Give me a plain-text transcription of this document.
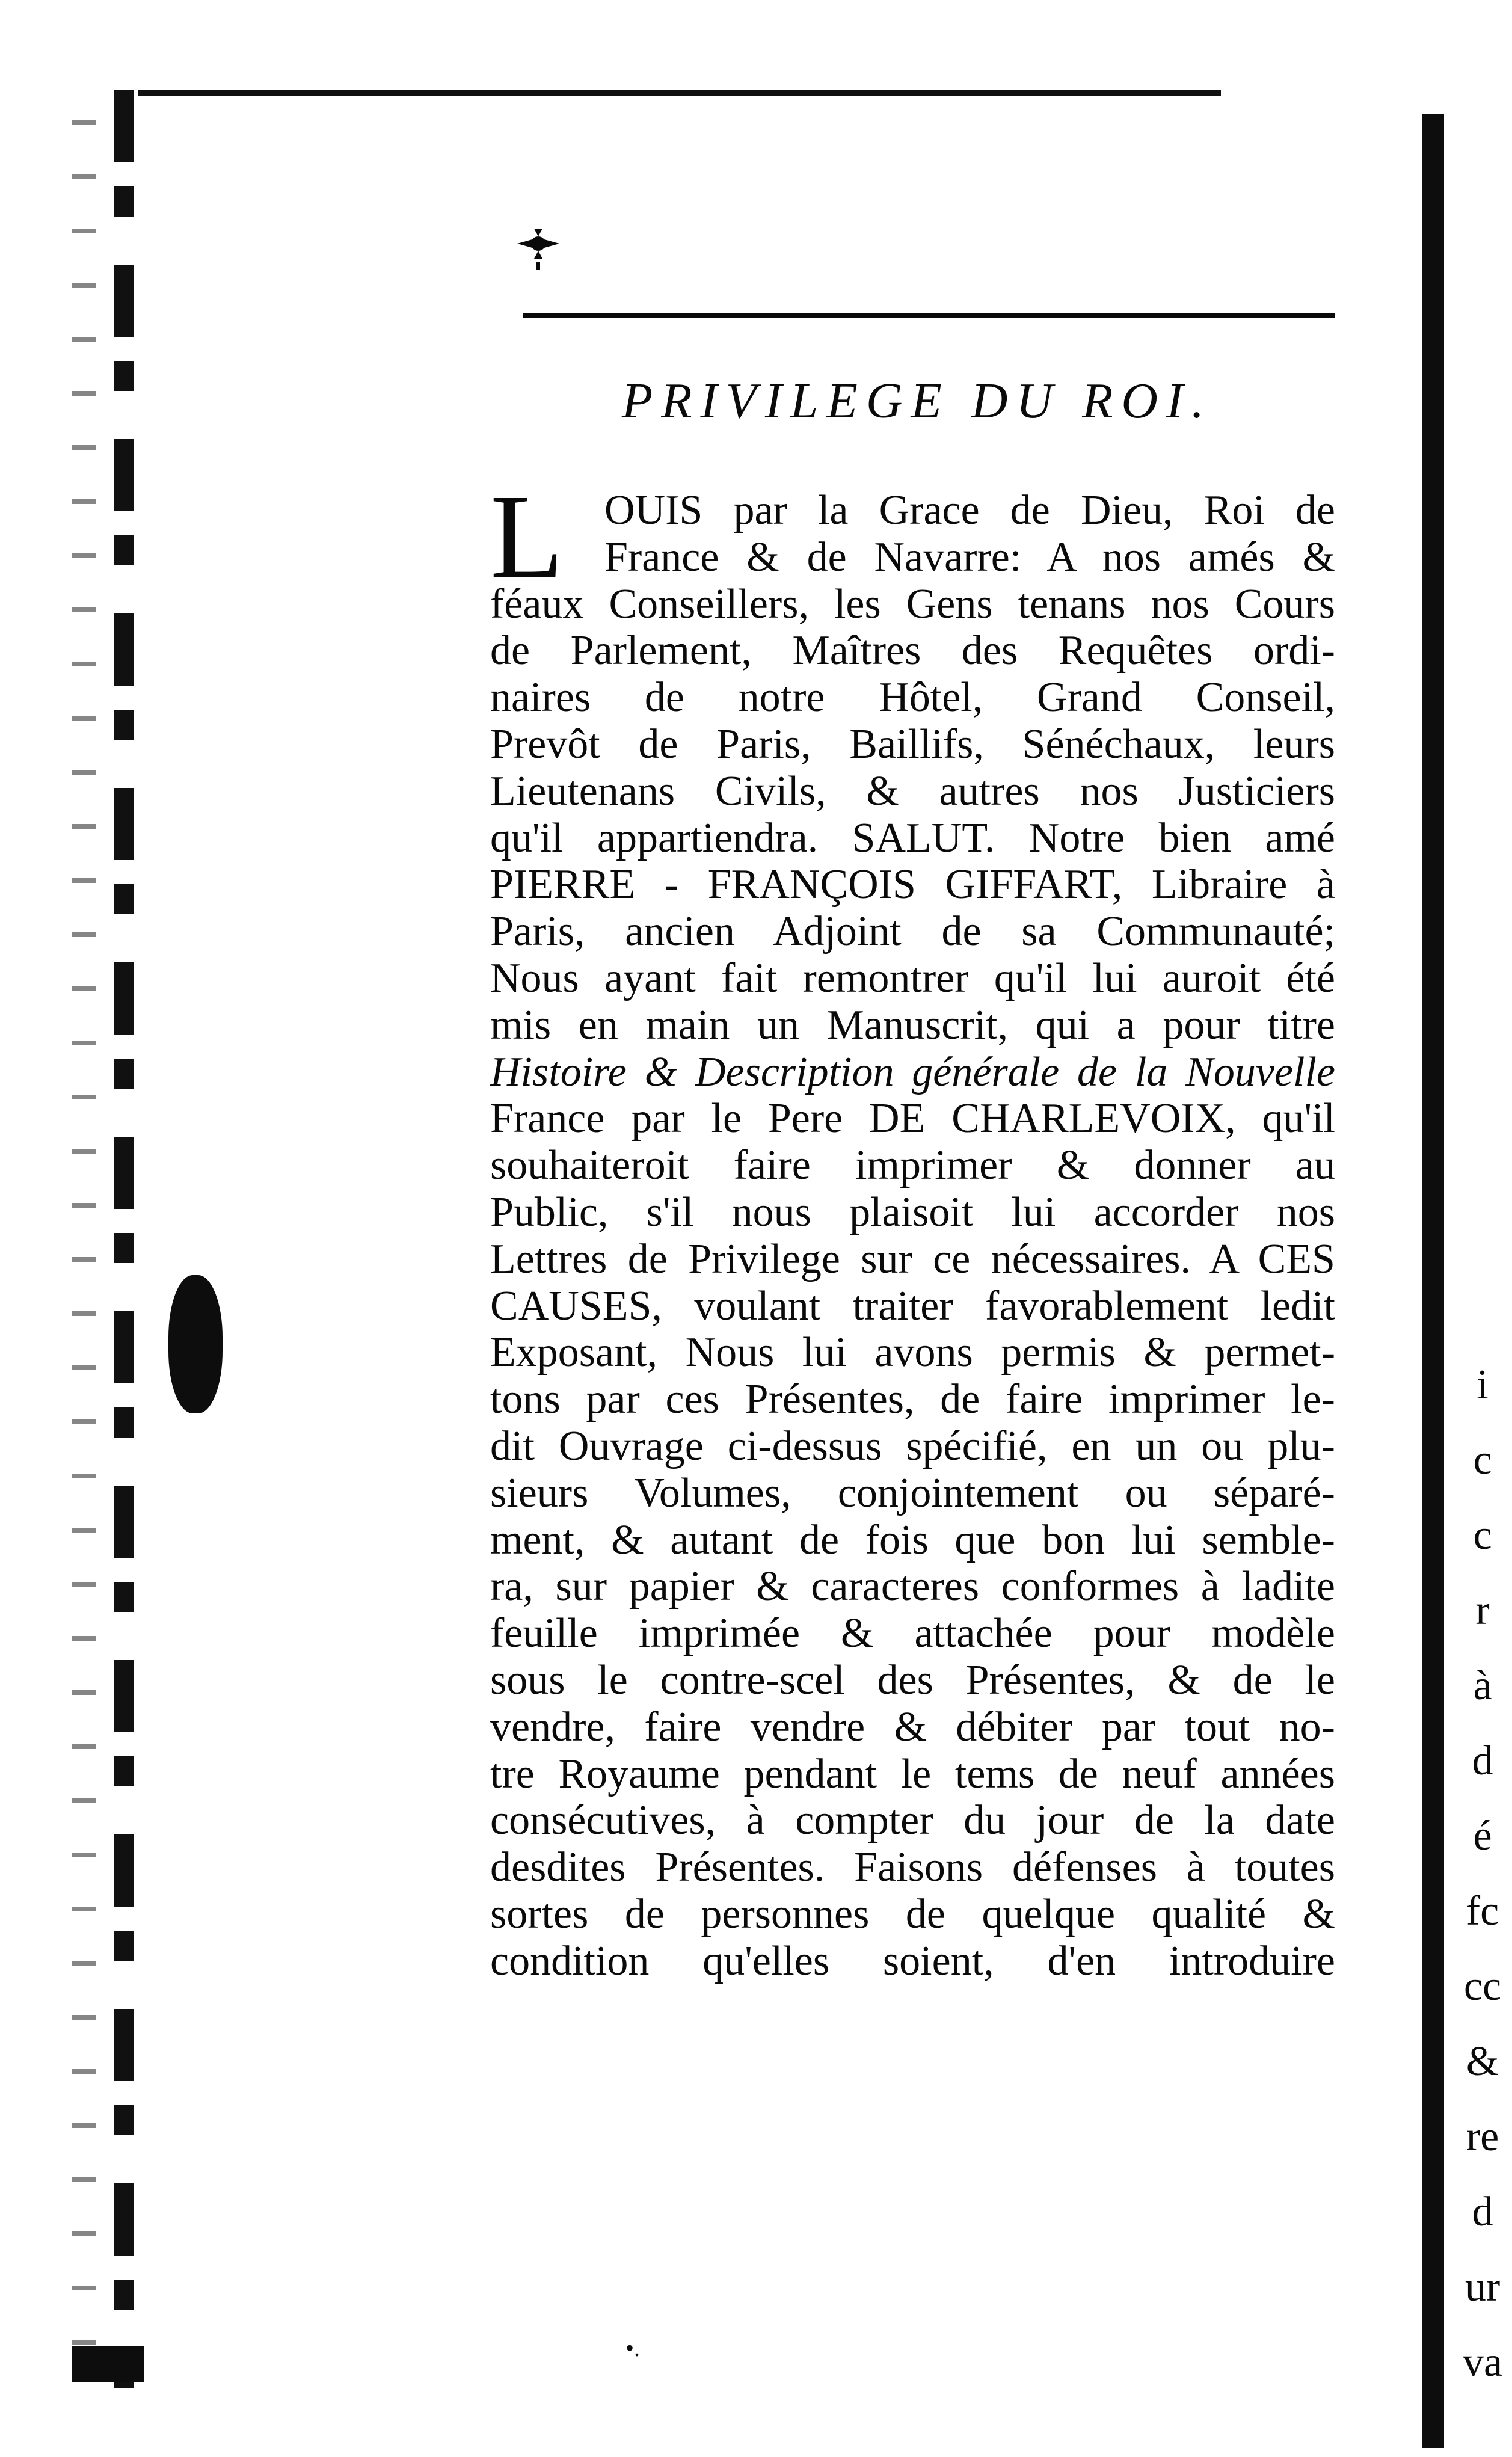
i
c
c
r
à
d
é
fc
cc
&
re
d
ur
va
PRIVILEGE DU ROI.
L OUIS par la Grace de Dieu, Roi de
France & de Navarre: A nos amés &
féaux Conseillers, les Gens tenans nos Cours
de Parlement, Maîtres des Requêtes ordi-
naires de notre Hôtel, Grand Conseil,
Prevôt de Paris, Baillifs, Sénéchaux, leurs
Lieutenans Civils, & autres nos Justiciers
qu'il appartiendra. SALUT. Notre bien amé
PIERRE - FRANÇOIS GIFFART, Libraire à
Paris, ancien Adjoint de sa Communauté;
Nous ayant fait remontrer qu'il lui auroit été
mis en main un Manuscrit, qui a pour titre
Histoire & Description générale de la Nouvelle
France par le Pere DE CHARLEVOIX, qu'il
souhaiteroit faire imprimer & donner au
Public, s'il nous plaisoit lui accorder nos
Lettres de Privilege sur ce nécessaires. A CES
CAUSES, voulant traiter favorablement ledit
Exposant, Nous lui avons permis & permet-
tons par ces Présentes, de faire imprimer le-
dit Ouvrage ci-dessus spécifié, en un ou plu-
sieurs Volumes, conjointement ou séparé-
ment, & autant de fois que bon lui semble-
ra, sur papier & caracteres conformes à ladite
feuille imprimée & attachée pour modèle
sous le contre-scel des Présentes, & de le
vendre, faire vendre & débiter par tout no-
tre Royaume pendant le tems de neuf années
consécutives, à compter du jour de la date
desdites Présentes. Faisons défenses à toutes
sortes de personnes de quelque qualité &
condition qu'elles soient, d'en introduire
•.
